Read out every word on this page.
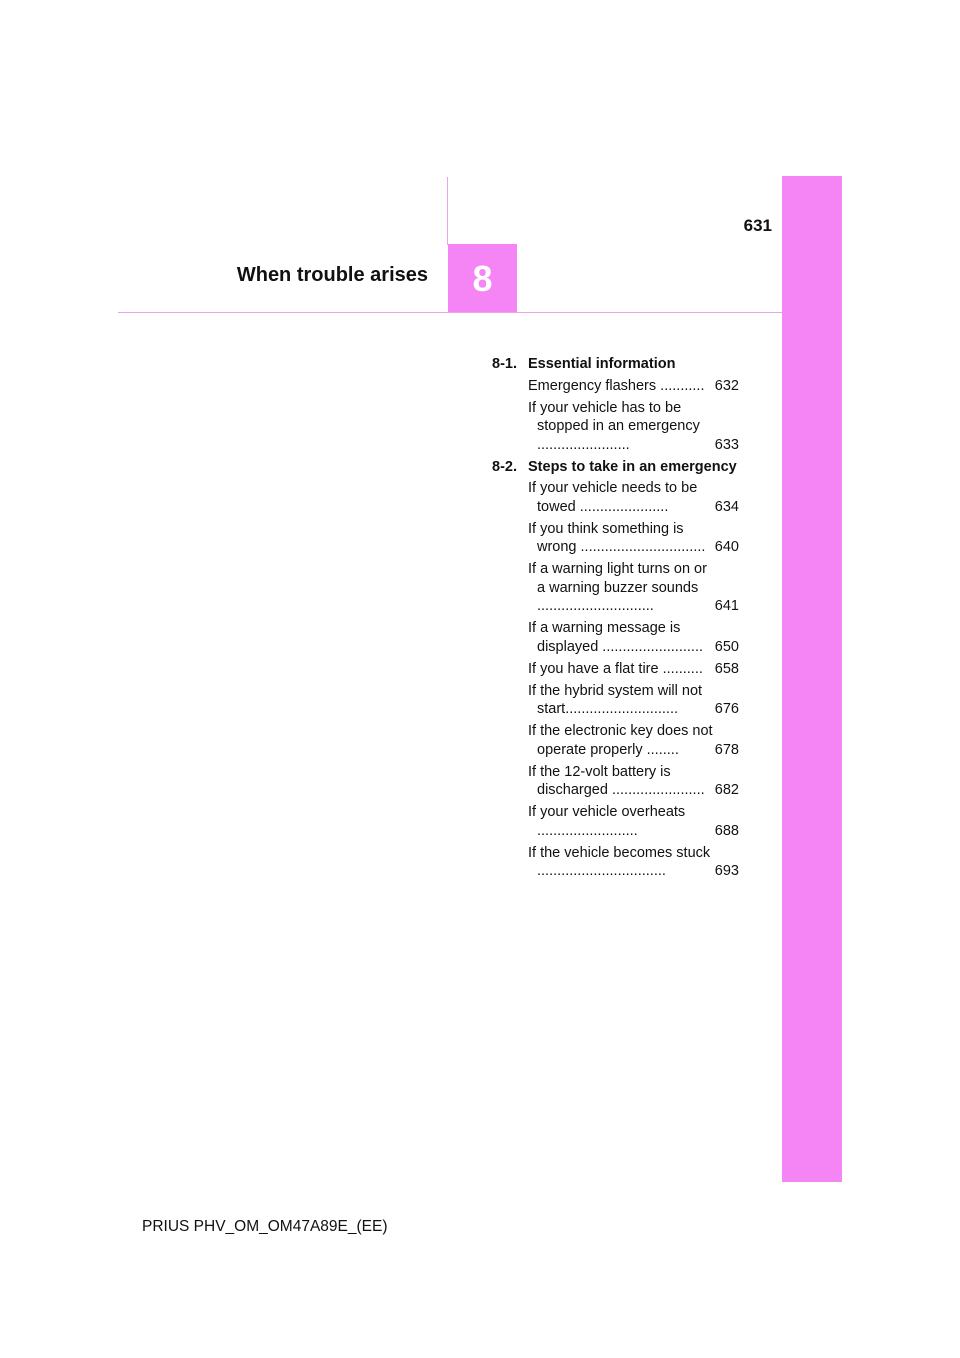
631
When trouble arises 8
8-1. Essential information
Emergency flashers ........... 632
If your vehicle has to be stopped in an emergency .......................	633
8-2. Steps to take in an emergency
If your vehicle needs to be towed ......................	634
If you think something is wrong ............................... 640
If a warning light turns on or a warning buzzer sounds .............................	641
If a warning message is displayed ......................... 650
If you have a flat tire .......... 658
If the hybrid system will not start............................	676
If the electronic key does not operate properly ........	678
If the 12-volt battery is discharged ....................... 682
If your vehicle overheats .........................	688
If the vehicle becomes stuck ................................	693
PRIUS PHV_OM_OM47A89E_(EE)
